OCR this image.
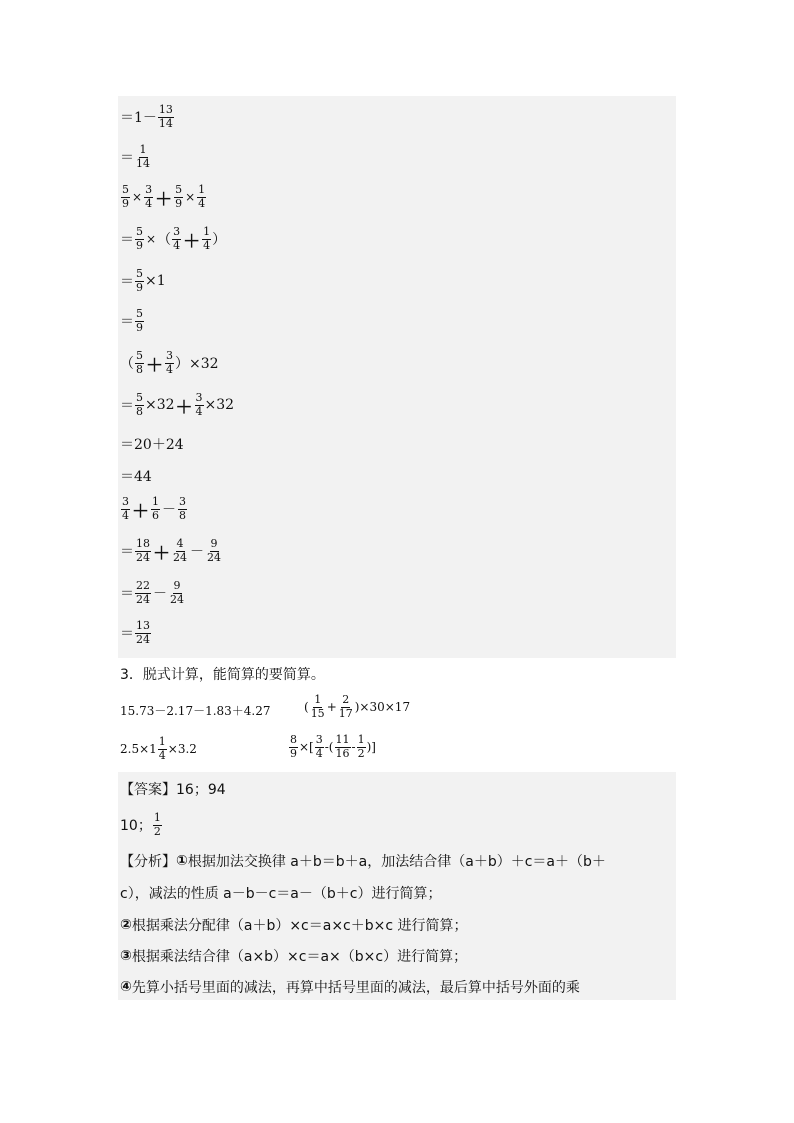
$=1- \frac{13}{14}$
＝ $\frac{1}{14}$
$\frac{5}{9} \times \frac{3}{4} + \frac{5}{9} \times \frac{1}{4}$
＝ $\frac{5}{9}$ × （ $\frac{3}{4} + \frac{1}{4}$ ）
＝ $\frac{5}{9} \times 1$
＝ $\frac{5}{9}$
（ $\frac{5}{8} + \frac{3}{4} )\times 32$
＝ $\frac{5}{8} \times 32 + \frac{3}{4} \times 32$
＝20＋24
＝44
$\frac{3}{4} + \frac{1}{6} - \frac{3}{8}$
＝ $\frac{18}{24} + \frac{4}{24} - \frac{9}{24}$
＝ $\frac{22}{24} - \frac{9}{24}$
＝ $\frac{13}{24}$
3．脱式计算，能简算的要简算。
15.73－2.17－1.83＋4.27	( $\frac{1}{15} + \frac{2}{17} )\times 30\times 17$
$2.5\times 1 \frac{1}{4} \times 3.2$	$\frac{8}{9}$ ×[ $\frac{3}{4}$ -( $\frac{11}{16} - \frac{1}{2}$ )]
【答案】16；94
10； $\frac{1}{2}$
【分析】 ① 根据加法交换律 a＋b＝b＋a，加法结合律（a＋b）＋c＝a＋（b＋
c），减法的性质 a－b－c＝a－（b＋c）进行简算；
② 根据乘法分配律（a＋b）×c＝a×c＋b×c 进行简算；
③ 根据乘法结合律（a×b）×c＝a×（b×c）进行简算；
④ 先算小括号里面的减法，再算中括号里面的减法，最后算中括号外面的乘
